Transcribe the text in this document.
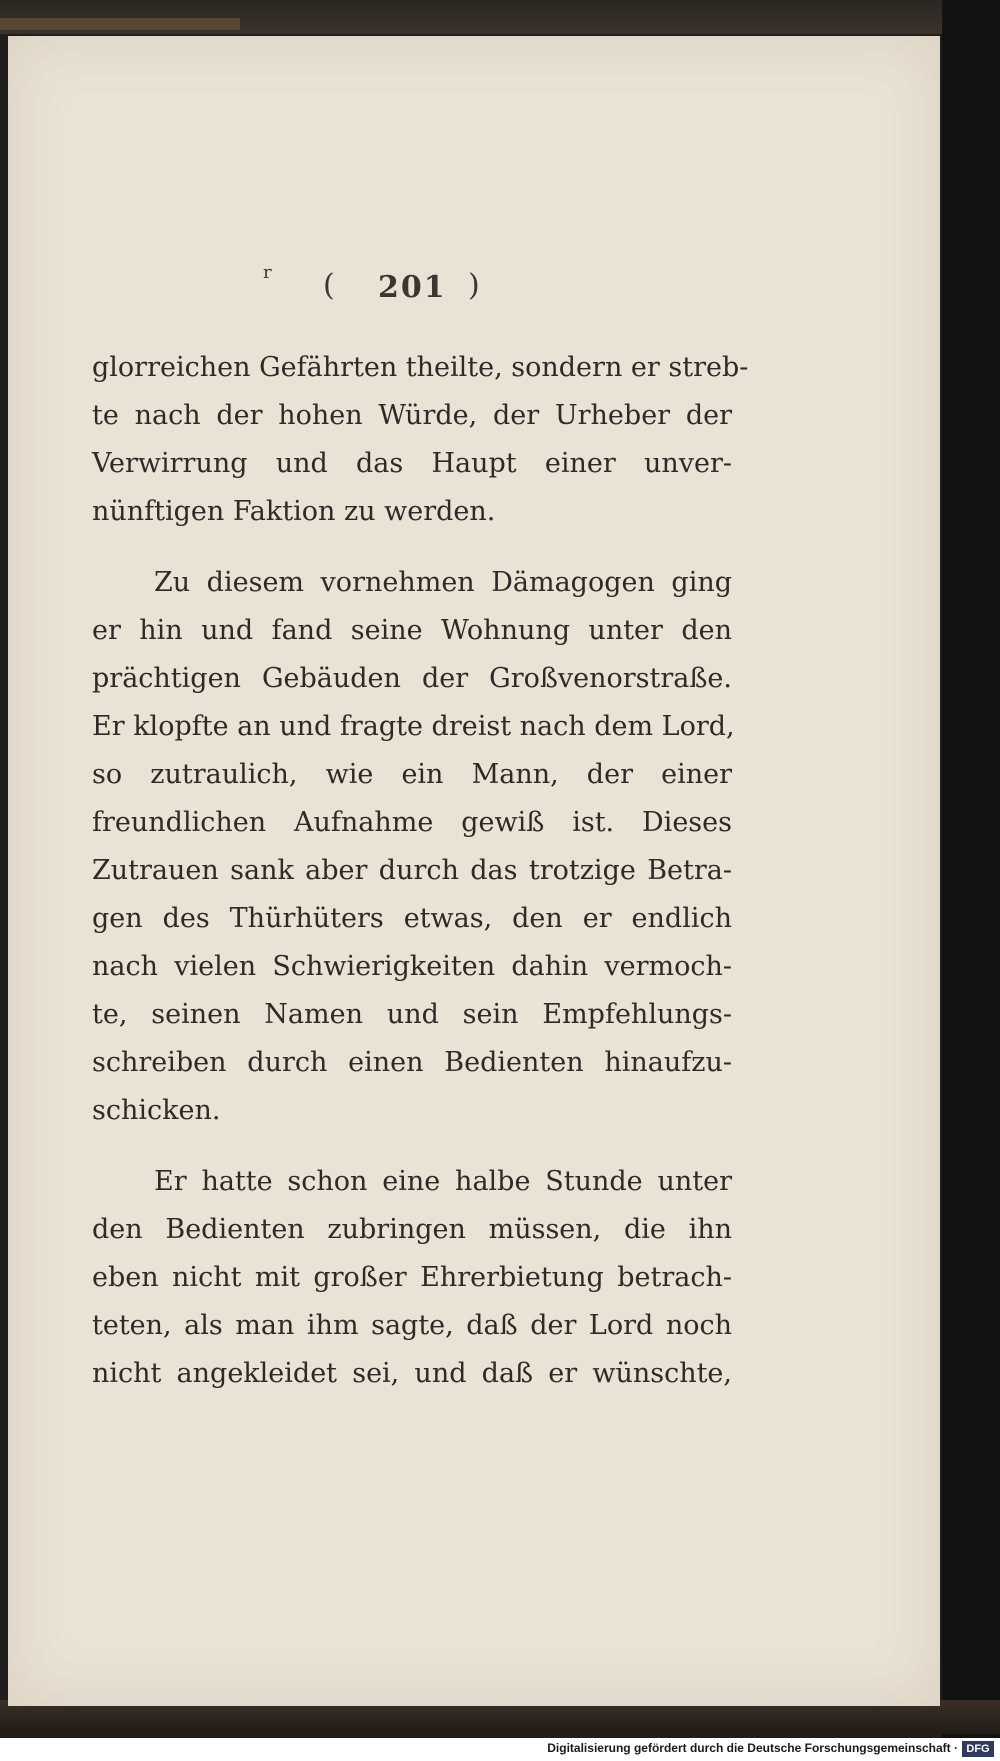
r ( 201 )
glorreichen Gefährten theilte, sondern er streb-
te nach der hohen Würde, der Urheber der
Verwirrung und das Haupt einer unver-
nünftigen Faktion zu werden.
Zu diesem vornehmen Dämagogen ging
er hin und fand seine Wohnung unter den
prächtigen Gebäuden der Großvenorstraße.
Er klopfte an und fragte dreist nach dem Lord,
so zutraulich, wie ein Mann, der einer
freundlichen Aufnahme gewiß ist. Dieses
Zutrauen sank aber durch das trotzige Betra-
gen des Thürhüters etwas, den er endlich
nach vielen Schwierigkeiten dahin vermoch-
te, seinen Namen und sein Empfehlungs-
schreiben durch einen Bedienten hinaufzu-
schicken.
Er hatte schon eine halbe Stunde unter
den Bedienten zubringen müssen, die ihn
eben nicht mit großer Ehrerbietung betrach-
teten, als man ihm sagte, daß der Lord noch
nicht angekleidet sei, und daß er wünschte,
Digitalisierung gefördert durch die Deutsche Forschungsgemeinschaft · DFG
